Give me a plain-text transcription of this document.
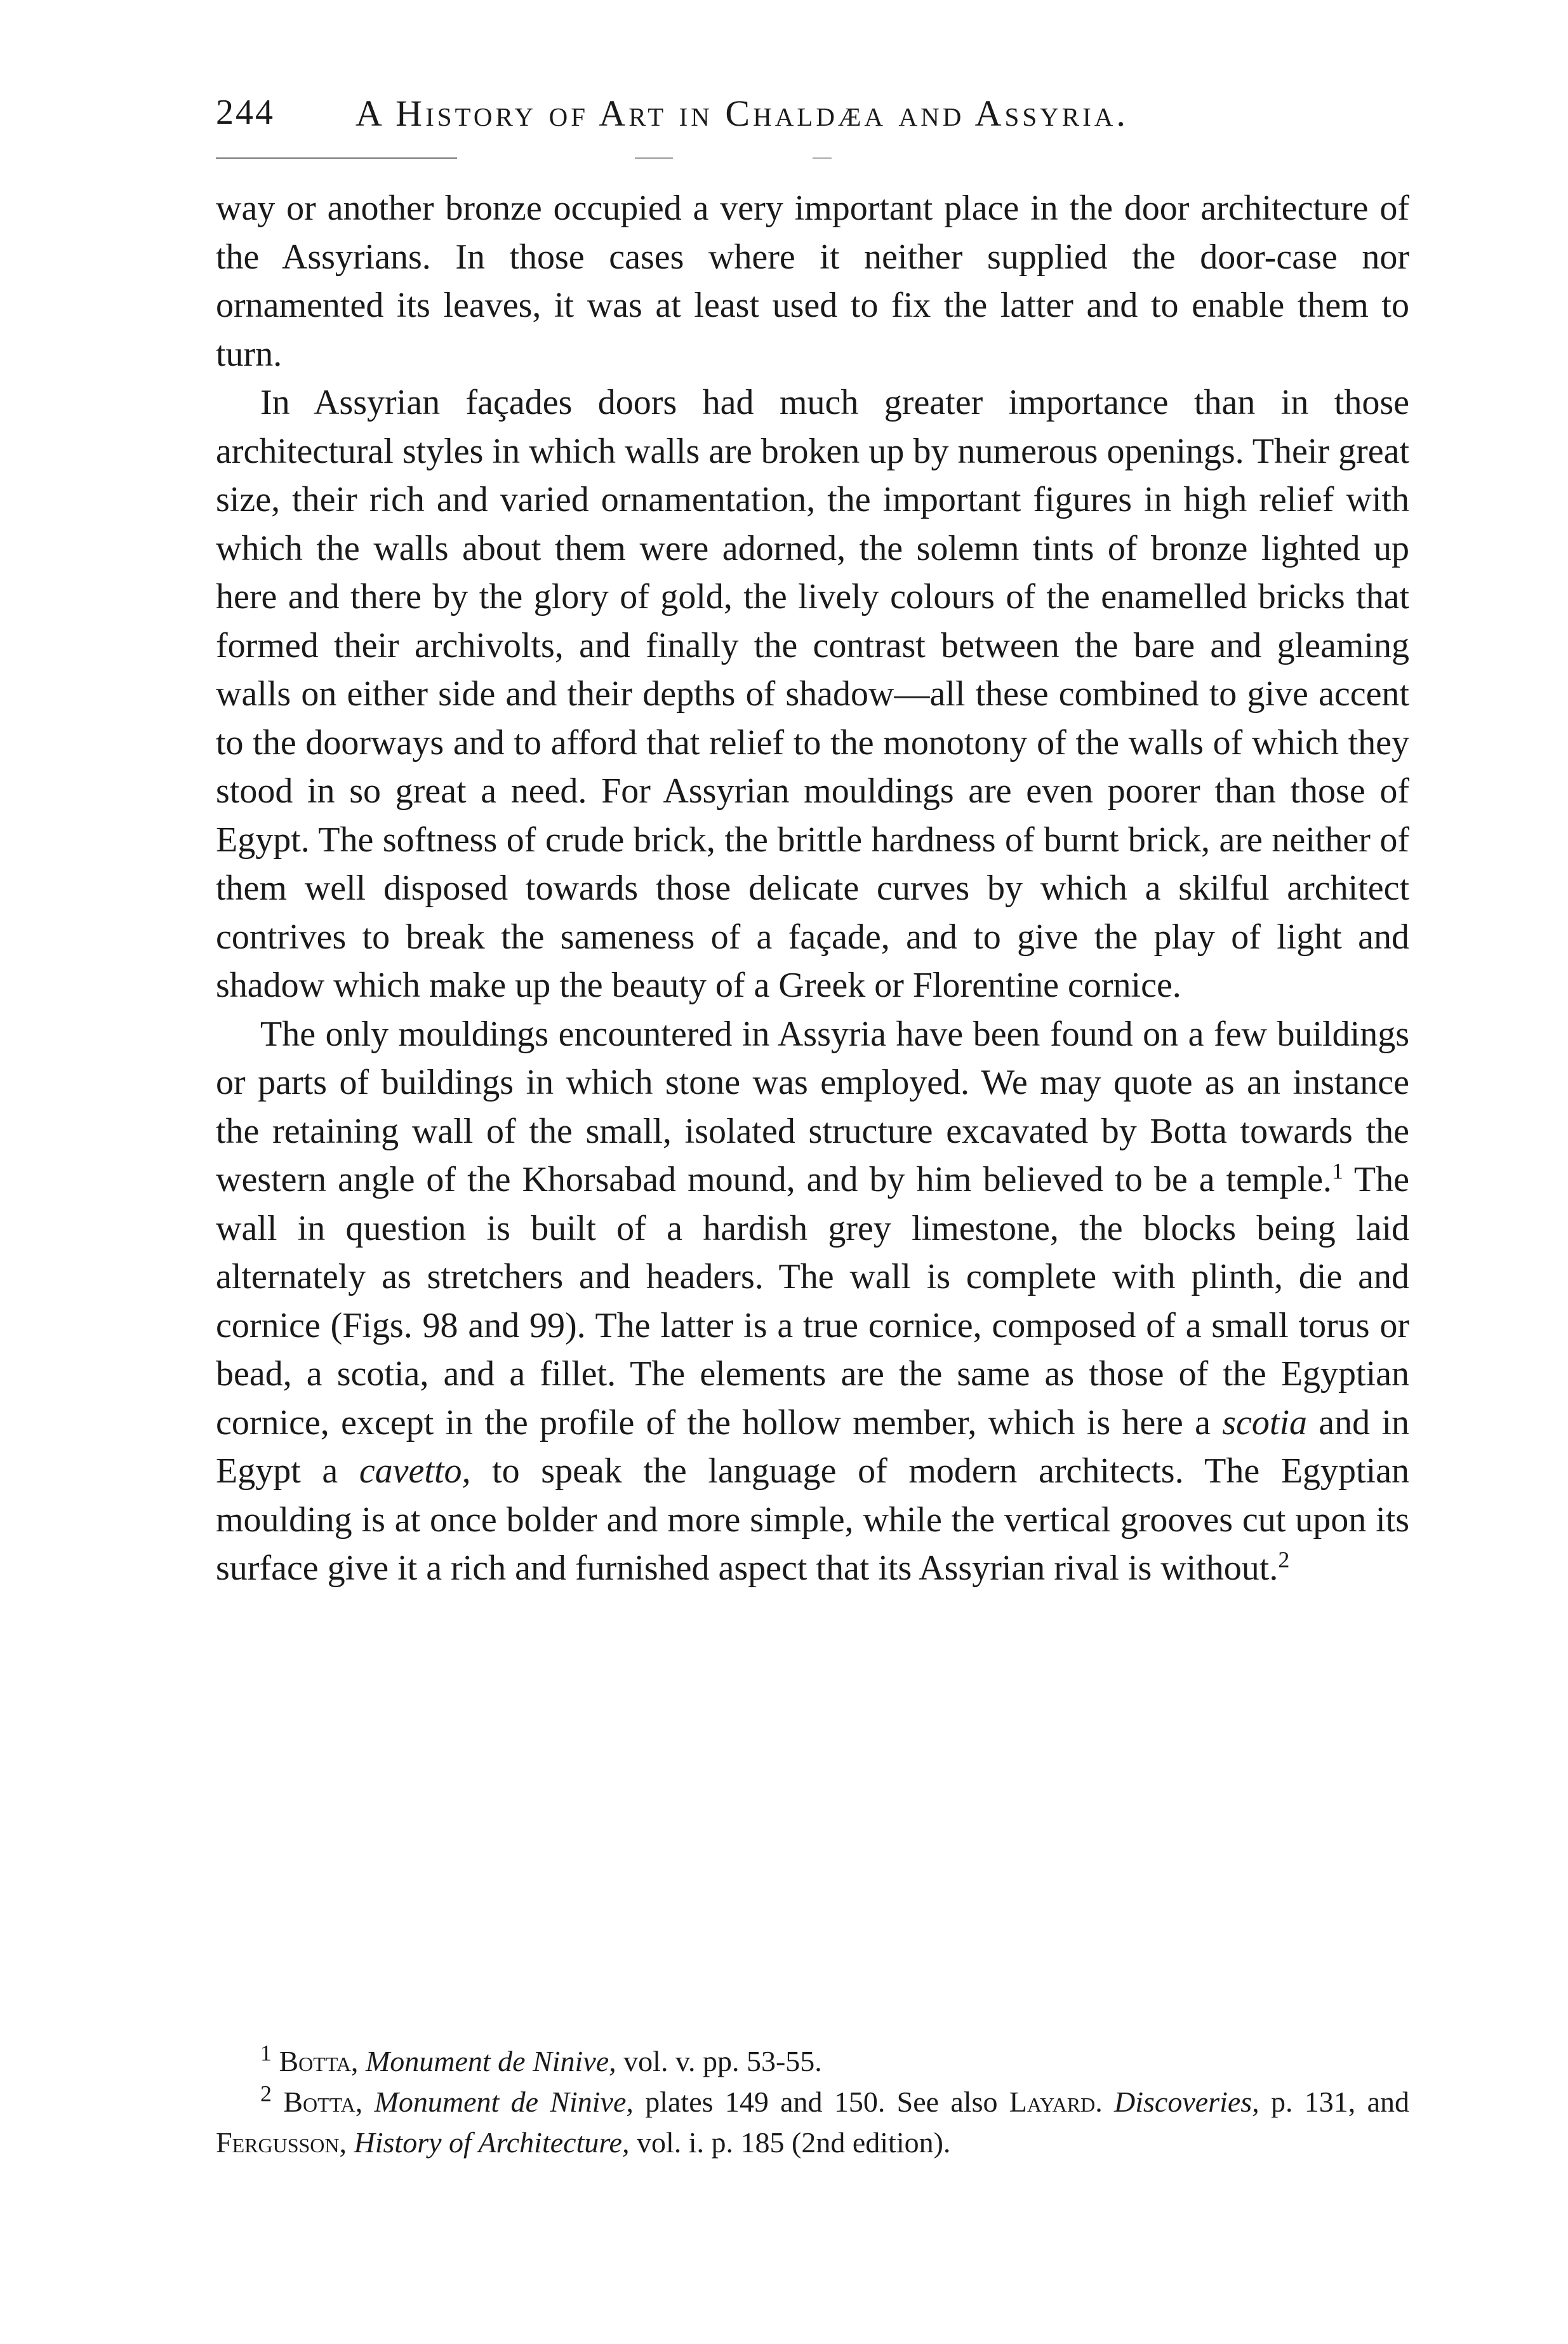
244 A History of Art in Chaldæa and Assyria.

way or another bronze occupied a very important place in the door architecture of the Assyrians. In those cases where it neither supplied the door-case nor ornamented its leaves, it was at least used to fix the latter and to enable them to turn.

In Assyrian façades doors had much greater importance than in those architectural styles in which walls are broken up by numerous openings. Their great size, their rich and varied ornamentation, the important figures in high relief with which the walls about them were adorned, the solemn tints of bronze lighted up here and there by the glory of gold, the lively colours of the enamelled bricks that formed their archivolts, and finally the contrast between the bare and gleaming walls on either side and their depths of shadow—all these combined to give accent to the doorways and to afford that relief to the monotony of the walls of which they stood in so great a need. For Assyrian mouldings are even poorer than those of Egypt. The softness of crude brick, the brittle hardness of burnt brick, are neither of them well disposed towards those delicate curves by which a skilful architect contrives to break the sameness of a façade, and to give the play of light and shadow which make up the beauty of a Greek or Florentine cornice.

The only mouldings encountered in Assyria have been found on a few buildings or parts of buildings in which stone was employed. We may quote as an instance the retaining wall of the small, isolated structure excavated by Botta towards the western angle of the Khorsabad mound, and by him believed to be a temple.$^1$ The wall in question is built of a hardish grey limestone, the blocks being laid alternately as stretchers and headers. The wall is complete with plinth, die and cornice (Figs. 98 and 99). The latter is a true cornice, composed of a small torus or bead, a scotia, and a fillet. The elements are the same as those of the Egyptian cornice, except in the profile of the hollow member, which is here a scotia and in Egypt a cavetto, to speak the language of modern architects. The Egyptian moulding is at once bolder and more simple, while the vertical grooves cut upon its surface give it a rich and furnished aspect that its Assyrian rival is without.$^2$

$^1$ Botta, Monument de Ninive, vol. v. pp. 53-55.

$^2$ Botta, Monument de Ninive, plates 149 and 150. See also Layard. Discoveries, p. 131, and Fergusson, History of Architecture, vol. i. p. 185 (2nd edition).
